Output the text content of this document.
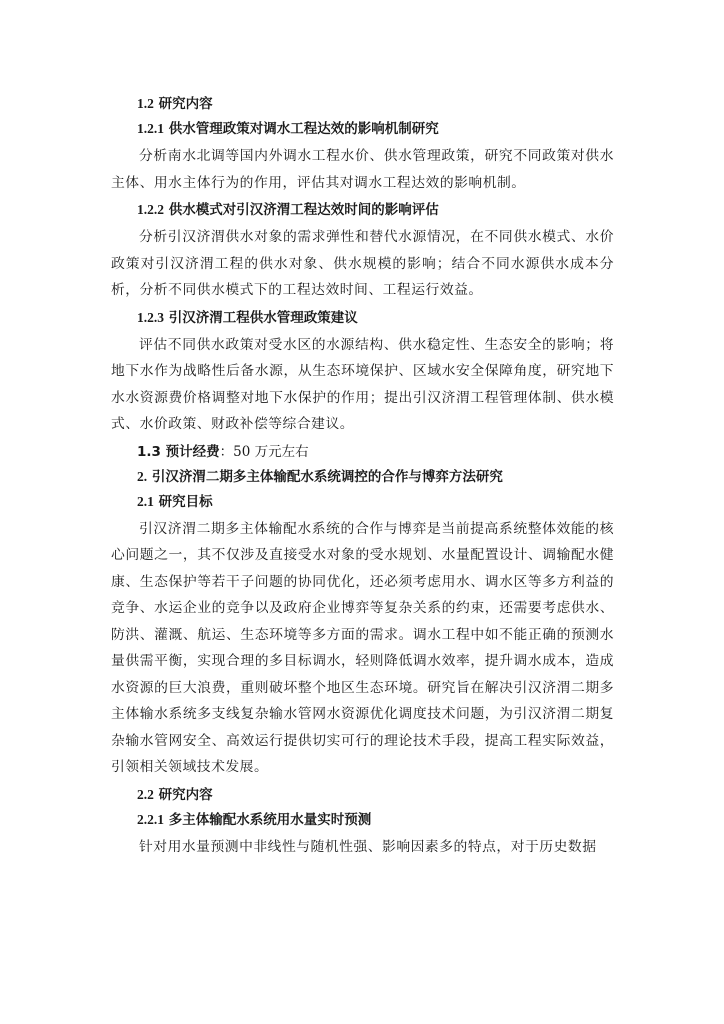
1.2 研究内容
1.2.1 供水管理政策对调水工程达效的影响机制研究

分析南水北调等国内外调水工程水价、供水管理政策，研究不同政策对供水主体、用水主体行为的作用，评估其对调水工程达效的影响机制。

1.2.2 供水模式对引汉济渭工程达效时间的影响评估

分析引汉济渭供水对象的需求弹性和替代水源情况，在不同供水模式、水价政策对引汉济渭工程的供水对象、供水规模的影响；结合不同水源供水成本分析，分析不同供水模式下的工程达效时间、工程运行效益。

1.2.3 引汉济渭工程供水管理政策建议

评估不同供水政策对受水区的水源结构、供水稳定性、生态安全的影响；将地下水作为战略性后备水源，从生态环境保护、区域水安全保障角度，研究地下水水资源费价格调整对地下水保护的作用；提出引汉济渭工程管理体制、供水模式、水价政策、财政补偿等综合建议。

1.3 预计经费：50 万元左右
2. 引汉济渭二期多主体输配水系统调控的合作与博弈方法研究
2.1 研究目标

引汉济渭二期多主体输配水系统的合作与博弈是当前提高系统整体效能的核心问题之一，其不仅涉及直接受水对象的受水规划、水量配置设计、调输配水健康、生态保护等若干子问题的协同优化，还必须考虑用水、调水区等多方利益的竞争、水运企业的竞争以及政府企业博弈等复杂关系的约束，还需要考虑供水、防洪、灌溉、航运、生态环境等多方面的需求。调水工程中如不能正确的预测水量供需平衡，实现合理的多目标调水，轻则降低调水效率，提升调水成本，造成水资源的巨大浪费，重则破坏整个地区生态环境。研究旨在解决引汉济渭二期多主体输水系统多支线复杂输水管网水资源优化调度技术问题，为引汉济渭二期复杂输水管网安全、高效运行提供切实可行的理论技术手段，提高工程实际效益，引领相关领域技术发展。

2.2 研究内容
2.2.1 多主体输配水系统用水量实时预测

针对用水量预测中非线性与随机性强、影响因素多的特点，对于历史数据
